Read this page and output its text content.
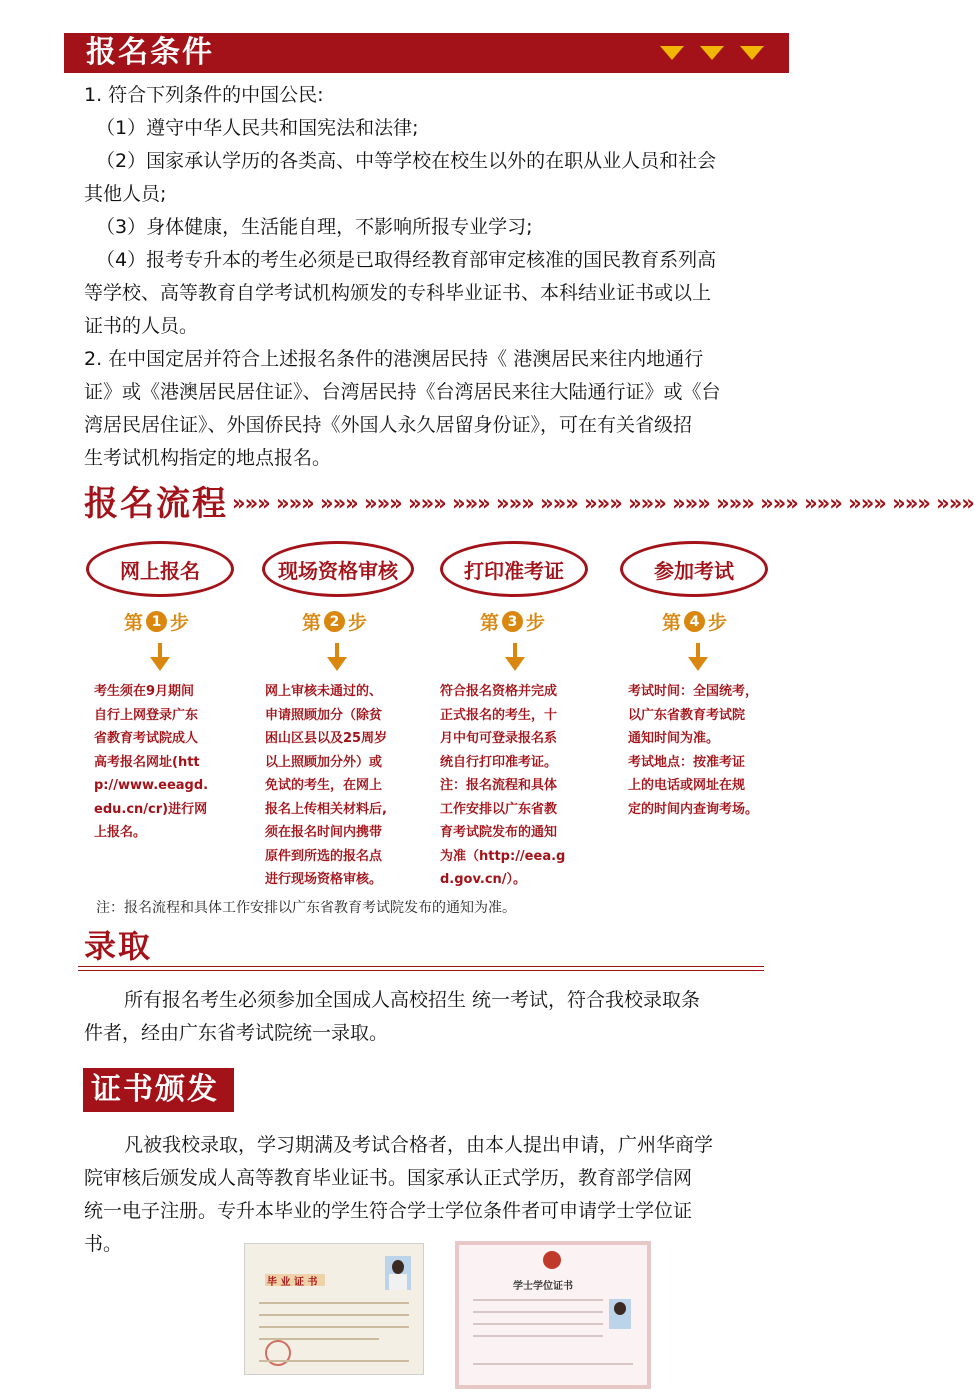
报名条件
1. 符合下列条件的中国公民:
（1）遵守中华人民共和国宪法和法律;
（2）国家承认学历的各类高、中等学校在校生以外的在职从业人员和社会
其他人员;
（3）身体健康，生活能自理，不影响所报专业学习;
（4）报考专升本的考生必须是已取得经教育部审定核准的国民教育系列高
等学校、高等教育自学考试机构颁发的专科毕业证书、本科结业证书或以上
证书的人员。
2. 在中国定居并符合上述报名条件的港澳居民持《 港澳居民来往内地通行
证》或《港澳居民居住证》、台湾居民持《台湾居民来往大陆通行证》或《台
湾居民居住证》、外国侨民持《外国人永久居留身份证》，可在有关省级招
生考试机构指定的地点报名。
报名流程 »»» »»» »»» »»» »»» »»» »»» »»» »»» »»» »»» »»» »»» »»» »»» »»» »»»
网上报名
第 1 步
考生须在9月期间
自行上网登录广东
省教育考试院成人
高考报名网址(htt
p://www.eeagd.
edu.cn/cr)进行网
上报名。
现场资格审核
第 2 步
网上审核未通过的、
申请照顾加分（除贫
困山区县以及25周岁
以上照顾加分外）或
免试的考生，在网上
报名上传相关材料后,
须在报名时间内携带
原件到所选的报名点
进行现场资格审核。
打印准考证
第 3 步
符合报名资格并完成
正式报名的考生，十
月中旬可登录报名系
统自行打印准考证。
注：报名流程和具体
工作安排以广东省教
育考试院发布的通知
为准（http://eea.g
d.gov.cn/）。
参加考试
第 4 步
考试时间：全国统考，
以广东省教育考试院
通知时间为准。
考试地点：按准考证
上的电话或网址在规
定的时间内查询考场。
注：报名流程和具体工作安排以广东省教育考试院发布的通知为准。
录取
所有报名考生必须参加全国成人高校招生 统一考试，符合我校录取条
件者，经由广东省考试院统一录取。
证书颁发
凡被我校录取，学习期满及考试合格者，由本人提出申请，广州华商学
院审核后颁发成人高等教育毕业证书。国家承认正式学历，教育部学信网
统一电子注册。专升本毕业的学生符合学士学位条件者可申请学士学位证
书。
毕 业 证 书	学士学位证书
